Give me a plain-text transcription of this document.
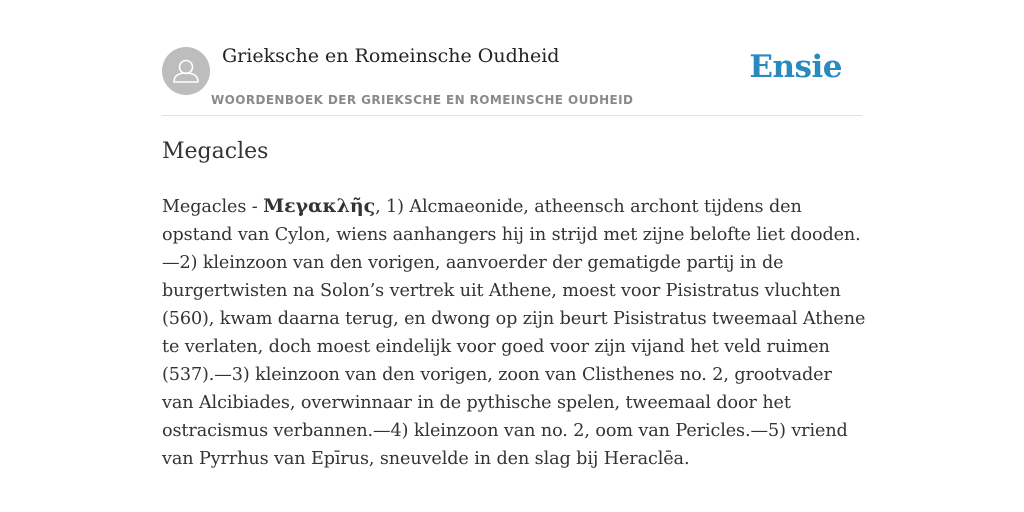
Grieksche en Romeinsche Oudheid
WOORDENBOEK DER GRIEKSCHE EN ROMEINSCHE OUDHEID
Ensie
Megacles

Megacles - Μεγακλῆς, 1) Alcmaeonide, atheensch archont tijdens den opstand van Cylon, wiens aanhangers hij in strijd met zijne belofte liet dooden.—2) kleinzoon van den vorigen, aanvoerder der gematigde partij in de burgertwisten na Solon’s vertrek uit Athene, moest voor Pisistratus vluchten (560), kwam daarna terug, en dwong op zijn beurt Pisistratus tweemaal Athene te verlaten, doch moest eindelijk voor goed voor zijn vijand het veld ruimen (537).—3) kleinzoon van den vorigen, zoon van Clisthenes no. 2, grootvader van Alcibiades, overwinnaar in de pythische spelen, tweemaal door het ostracismus verbannen.—4) kleinzoon van no. 2, oom van Pericles.—5) vriend van Pyrrhus van Epīrus, sneuvelde in den slag bij Heraclēa.
